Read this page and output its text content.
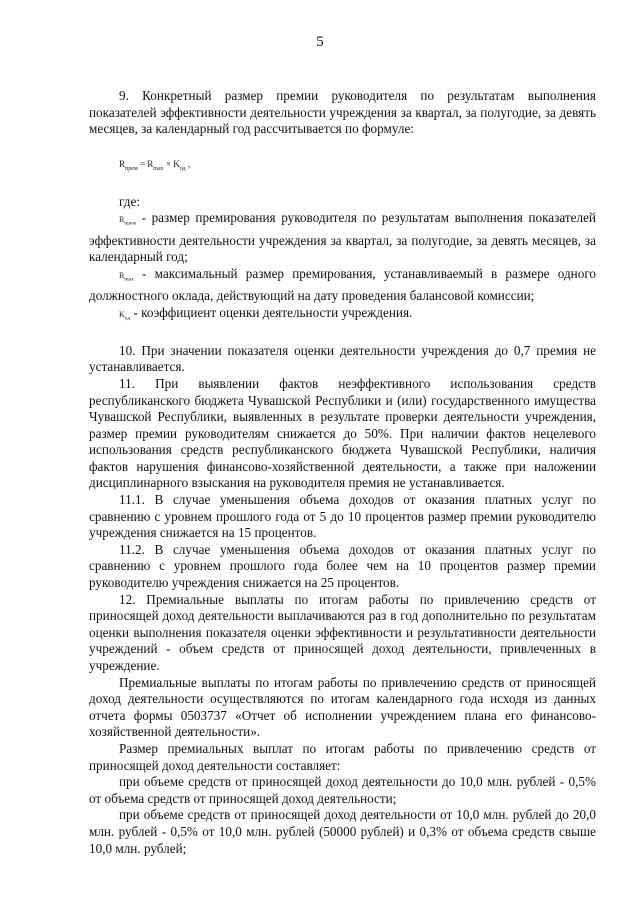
5

9. Конкретный размер премии руководителя по результатам выполнения показателей эффективности деятельности учреждения за квартал, за полугодие, за девять месяцев, за календарный год рассчитывается по формуле:

$R_{прем} = R_{max} \times K_{од}$ ,

где:

$R_{прем}$ - размер премирования руководителя по результатам выполнения показателей эффективности деятельности учреждения за квартал, за полугодие, за девять месяцев, за календарный год;

$R_{max}$ - максимальный размер премирования, устанавливаемый в размере одного должностного оклада, действующий на дату проведения балансовой комиссии;

$K_{од}$ - коэффициент оценки деятельности учреждения.

10. При значении показателя оценки деятельности учреждения до 0,7 премия не устанавливается.

11. При выявлении фактов неэффективного использования средств республиканского бюджета Чувашской Республики и (или) государственного имущества Чувашской Республики, выявленных в результате проверки деятельности учреждения, размер премии руководителям снижается до 50%. При наличии фактов нецелевого использования средств республиканского бюджета Чувашской Республики, наличия фактов нарушения финансово-хозяйственной деятельности, а также при наложении дисциплинарного взыскания на руководителя премия не устанавливается.

11.1. В случае уменьшения объема доходов от оказания платных услуг по сравнению с уровнем прошлого года от 5 до 10 процентов размер премии руководителю учреждения снижается на 15 процентов.

11.2. В случае уменьшения объема доходов от оказания платных услуг по сравнению с уровнем прошлого года более чем на 10 процентов размер премии руководителю учреждения снижается на 25 процентов.

12. Премиальные выплаты по итогам работы по привлечению средств от приносящей доход деятельности выплачиваются раз в год дополнительно по результатам оценки выполнения показателя оценки эффективности и результативности деятельности учреждений - объем средств от приносящей доход деятельности, привлеченных в учреждение.

Премиальные выплаты по итогам работы по привлечению средств от приносящей доход деятельности осуществляются по итогам календарного года исходя из данных отчета формы 0503737 «Отчет об исполнении учреждением плана его финансово-хозяйственной деятельности».

Размер премиальных выплат по итогам работы по привлечению средств от приносящей доход деятельности составляет:

при объеме средств от приносящей доход деятельности до 10,0 млн. рублей - 0,5% от объема средств от приносящей доход деятельности;

при объеме средств от приносящей доход деятельности от 10,0 млн. рублей до 20,0 млн. рублей - 0,5% от 10,0 млн. рублей (50000 рублей) и 0,3% от объема средств свыше 10,0 млн. рублей;
